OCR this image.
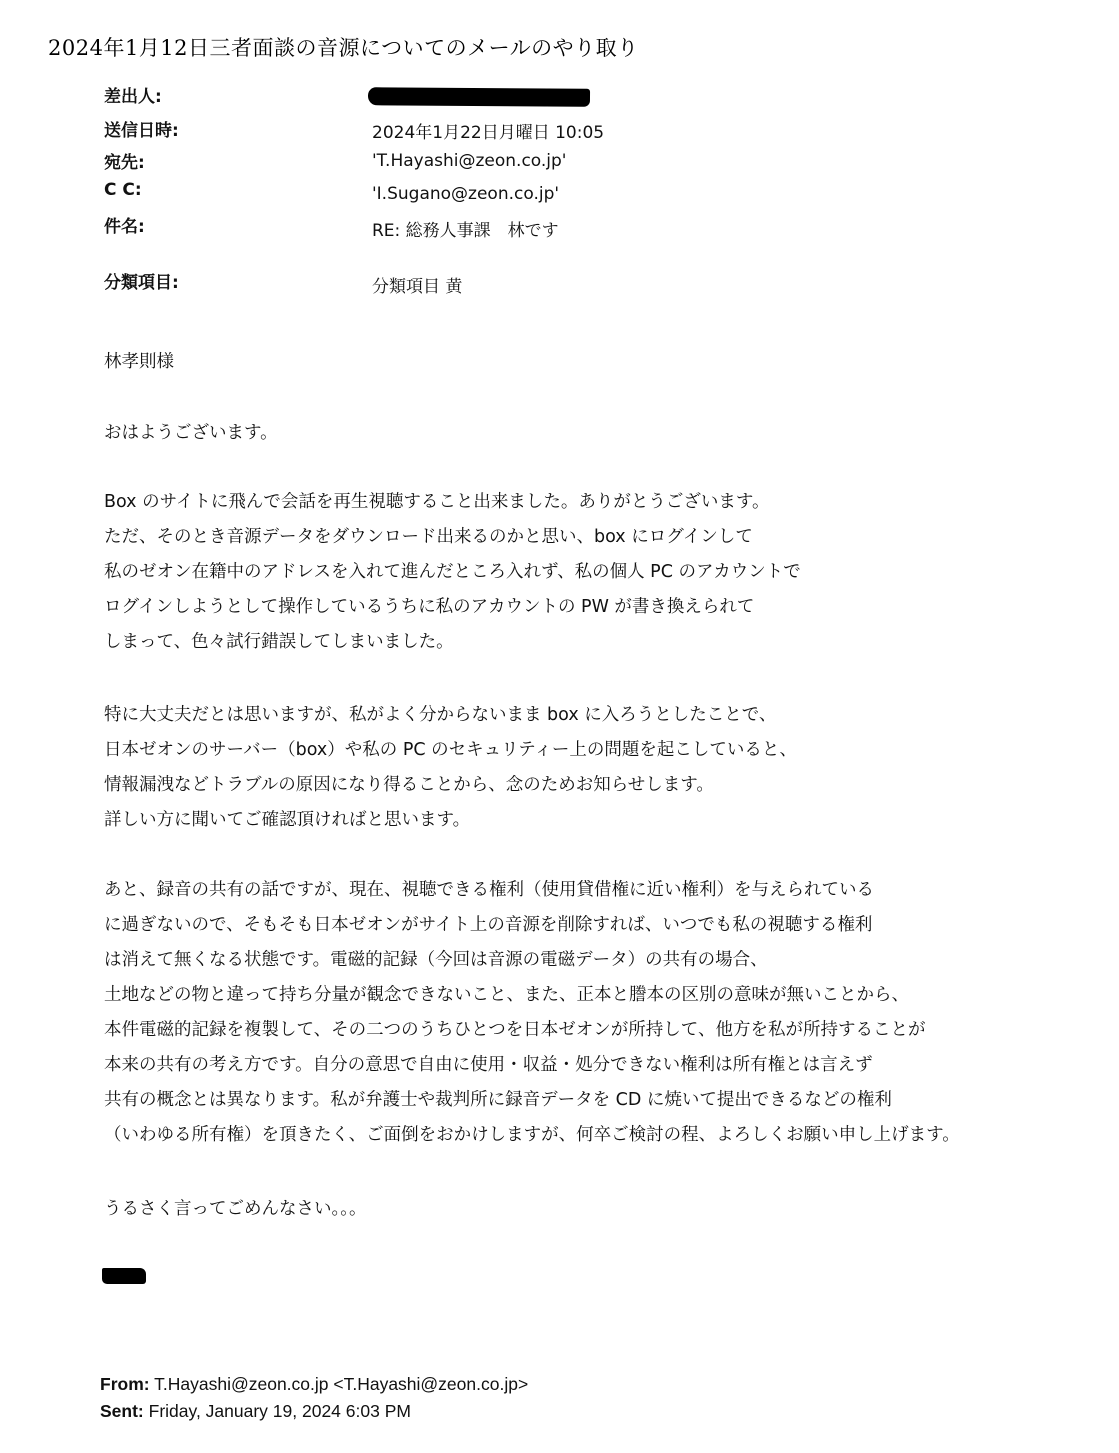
2024年1月12日三者面談の音源についてのメールのやり取り
差出人:
送信日時:	2024年1月22日月曜日 10:05
宛先:	'T.Hayashi@zeon.co.jp'
C C:	'I.Sugano@zeon.co.jp'
件名:	RE: 総務人事課　林です
分類項目:	分類項目 黄
林孝則様
おはようございます。

Box のサイトに飛んで会話を再生視聴すること出来ました。ありがとうございます。

ただ、そのとき音源データをダウンロード出来るのかと思い、box にログインして

私のゼオン在籍中のアドレスを入れて進んだところ入れず、私の個人 PC のアカウントで

ログインしようとして操作しているうちに私のアカウントの PW が書き換えられて

しまって、色々試行錯誤してしまいました。

特に大丈夫だとは思いますが、私がよく分からないまま box に入ろうとしたことで、

日本ゼオンのサーバー（box）や私の PC のセキュリティー上の問題を起こしていると、

情報漏洩などトラブルの原因になり得ることから、念のためお知らせします。

詳しい方に聞いてご確認頂ければと思います。

あと、録音の共有の話ですが、現在、視聴できる権利（使用貸借権に近い権利）を与えられている

に過ぎないので、そもそも日本ゼオンがサイト上の音源を削除すれば、いつでも私の視聴する権利

は消えて無くなる状態です。電磁的記録（今回は音源の電磁データ）の共有の場合、

土地などの物と違って持ち分量が観念できないこと、また、正本と謄本の区別の意味が無いことから、

本件電磁的記録を複製して、その二つのうちひとつを日本ゼオンが所持して、他方を私が所持することが

本来の共有の考え方です。自分の意思で自由に使用・収益・処分できない権利は所有権とは言えず

共有の概念とは異なります。私が弁護士や裁判所に録音データを CD に焼いて提出できるなどの権利

（いわゆる所有権）を頂きたく、ご面倒をおかけしますが、何卒ご検討の程、よろしくお願い申し上げます。

うるさく言ってごめんなさい。。。
From: T.Hayashi@zeon.co.jp <T.Hayashi@zeon.co.jp>
Sent: Friday, January 19, 2024 6:03 PM
